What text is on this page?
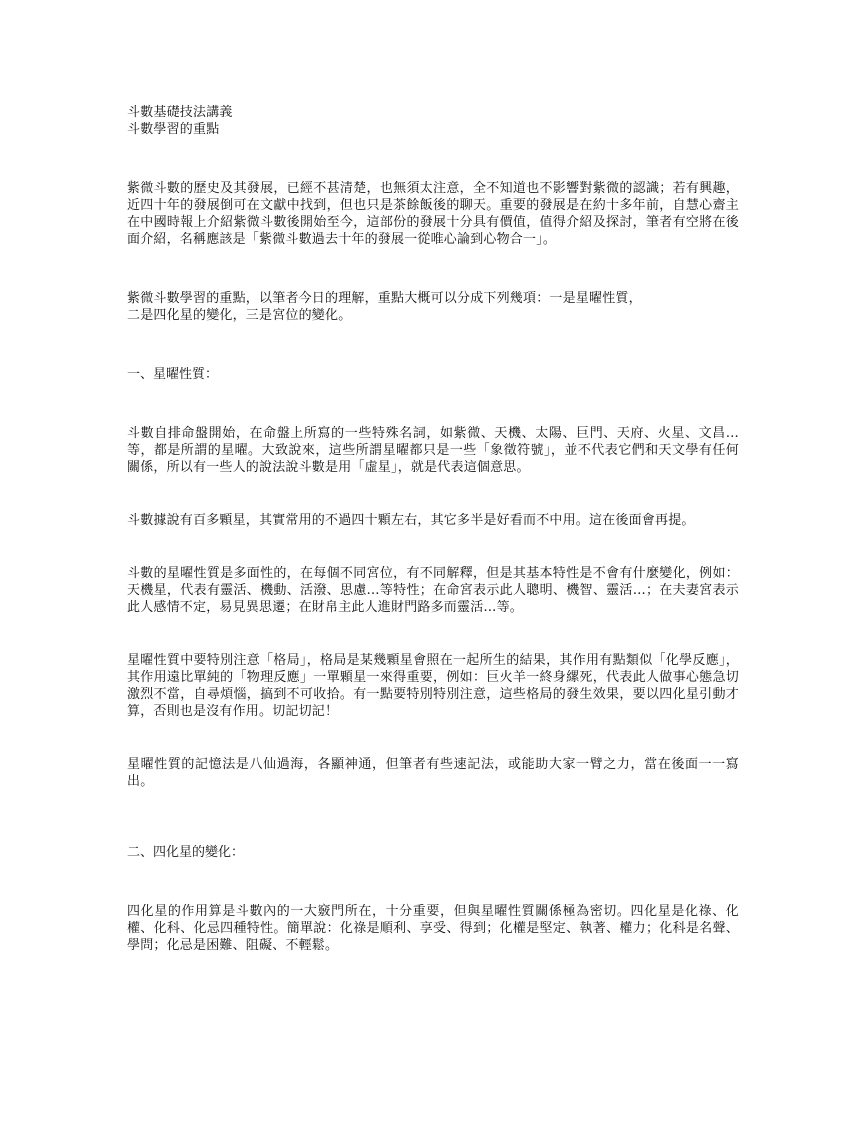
斗數基礎技法講義
斗數學習的重點
紫微斗數的歷史及其發展，已經不甚清楚，也無須太注意，全不知道也不影響對紫微的認識；若有興趣，近四十年的發展倒可在文獻中找到，但也只是茶餘飯後的聊天。重要的發展是在約十多年前，自慧心齋主在中國時報上介紹紫微斗數後開始至今，這部份的發展十分具有價值，值得介紹及探討，筆者有空將在後面介紹，名稱應該是「紫微斗數過去十年的發展一從唯心論到心物合一」。
紫微斗數學習的重點，以筆者今日的理解，重點大概可以分成下列幾項：一是星曜性質，
二是四化星的變化，三是宮位的變化。
一、星曜性質：
斗數自排命盤開始，在命盤上所寫的一些特殊名詞，如紫微、天機、太陽、巨門、天府、火星、文昌…等，都是所謂的星曜。大致說來，這些所謂星曜都只是一些「象徵符號」，並不代表它們和天文學有任何關係，所以有一些人的說法說斗數是用「虛星」，就是代表這個意思。
斗數據說有百多顆星，其實常用的不過四十顆左右，其它多半是好看而不中用。這在後面會再提。
斗數的星曜性質是多面性的，在每個不同宮位，有不同解釋，但是其基本特性是不會有什麼變化，例如：天機星，代表有靈活、機動、活潑、思慮…等特性；在命宮表示此人聰明、機智、靈活…；在夫妻宮表示此人感情不定，易見異思遷；在財帛主此人進財門路多而靈活…等。
星曜性質中要特別注意「格局」，格局是某幾顆星會照在一起所生的結果，其作用有點類似「化學反應」，其作用遠比單純的「物理反應」一單顆星一來得重要，例如：巨火羊一終身縲死，代表此人做事心態急切激烈不當，自尋煩惱，搞到不可收拾。有一點要特別特別注意，這些格局的發生效果，要以四化星引動才算，否則也是沒有作用。切記切記！
星曜性質的記憶法是八仙過海，各顯神通，但筆者有些速記法，或能助大家一臂之力，當在後面一一寫出。
二、四化星的變化：
四化星的作用算是斗數內的一大竅門所在，十分重要，但與星曜性質關係極為密切。四化星是化祿、化權、化科、化忌四種特性。簡單說：化祿是順利、享受、得到；化權是堅定、執著、權力；化科是名聲、學問；化忌是困難、阻礙、不輕鬆。
